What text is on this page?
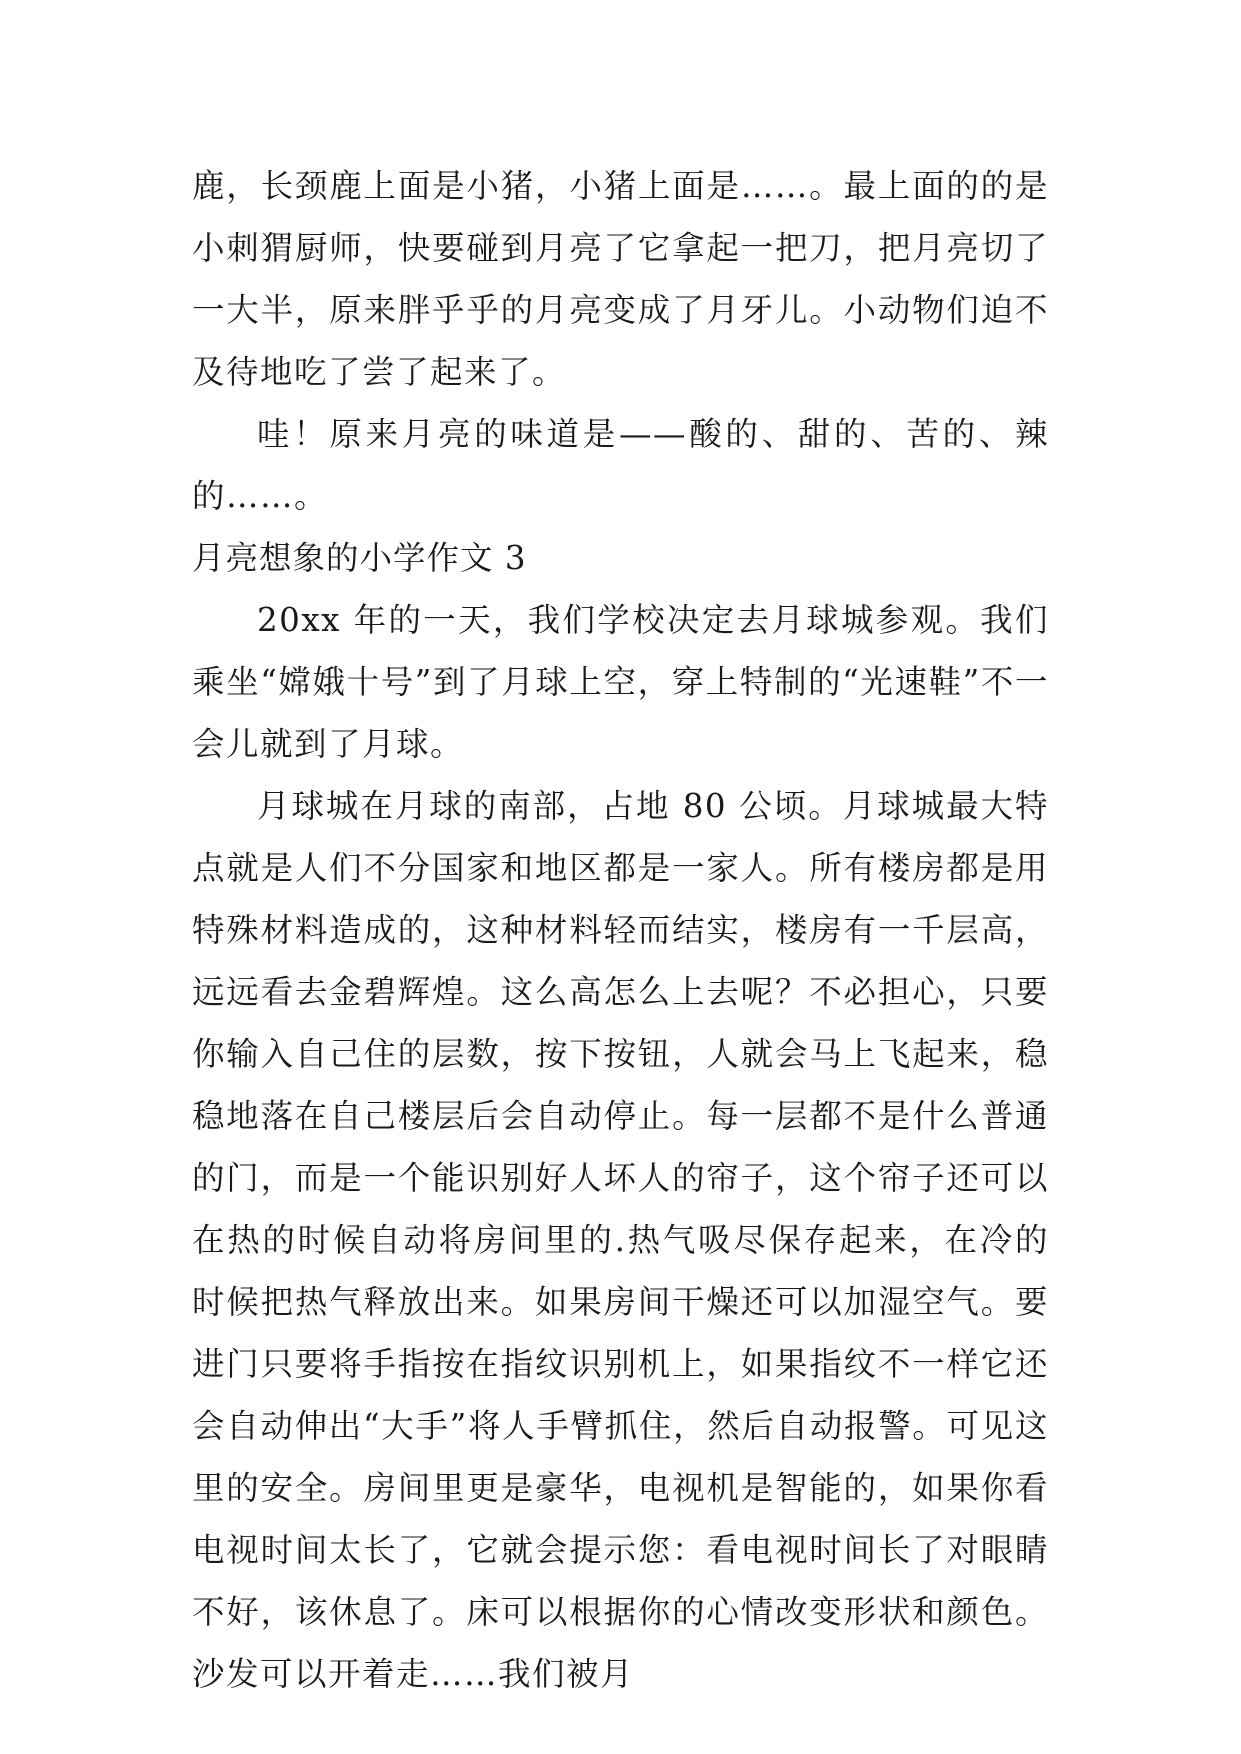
鹿，长颈鹿上面是小猪，小猪上面是……。最上面的的是小刺猬厨师，快要碰到月亮了它拿起一把刀，把月亮切了一大半，原来胖乎乎的月亮变成了月牙儿。小动物们迫不及待地吃了尝了起来了。

哇！原来月亮的味道是——酸的、甜的、苦的、辣的……。

月亮想象的小学作文 3

20xx 年的一天，我们学校决定去月球城参观。我们乘坐“嫦娥十号”到了月球上空，穿上特制的“光速鞋”不一会儿就到了月球。

月球城在月球的南部，占地 80 公顷。月球城最大特点就是人们不分国家和地区都是一家人。所有楼房都是用特殊材料造成的，这种材料轻而结实，楼房有一千层高，远远看去金碧辉煌。这么高怎么上去呢？不必担心，只要你输入自己住的层数，按下按钮，人就会马上飞起来，稳稳地落在自己楼层后会自动停止。每一层都不是什么普通的门，而是一个能识别好人坏人的帘子，这个帘子还可以在热的时候自动将房间里的.热气吸尽保存起来，在冷的时候把热气释放出来。如果房间干燥还可以加湿空气。要进门只要将手指按在指纹识别机上，如果指纹不一样它还会自动伸出“大手”将人手臂抓住，然后自动报警。可见这里的安全。房间里更是豪华，电视机是智能的，如果你看电视时间太长了，它就会提示您：看电视时间长了对眼睛不好，该休息了。床可以根据你的心情改变形状和颜色。沙发可以开着走……我们被月
